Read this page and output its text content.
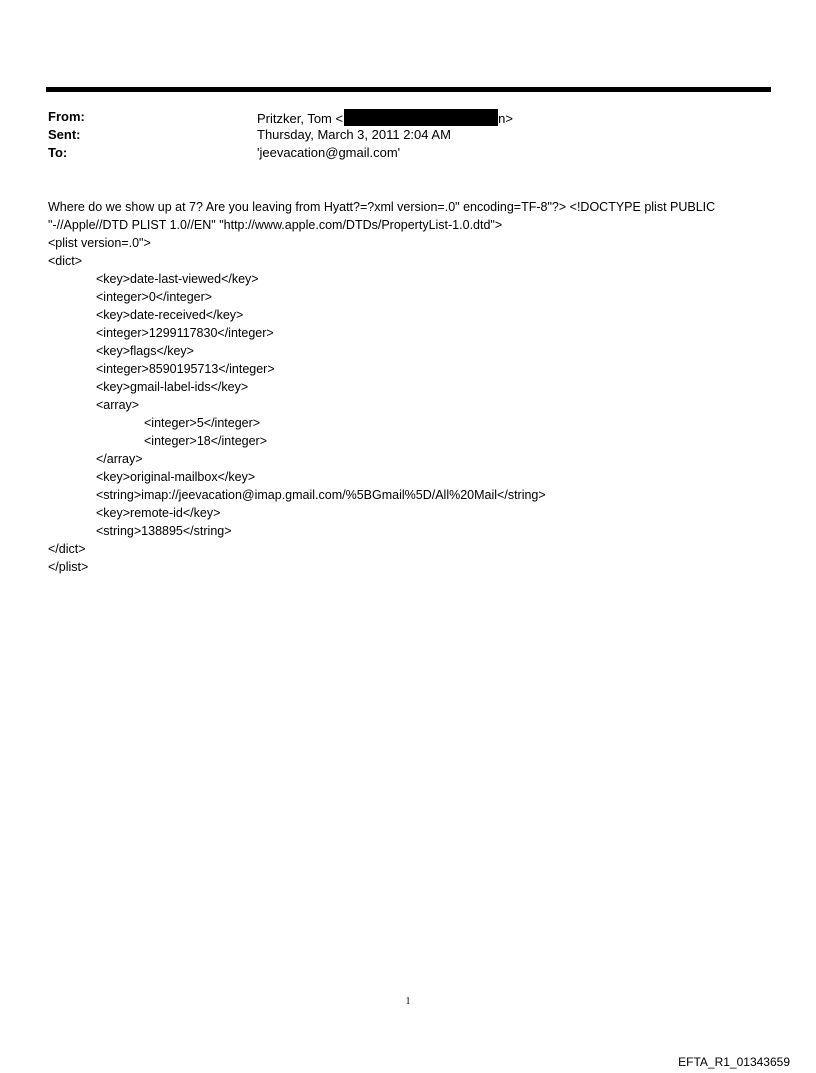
From:	Pritzker, Tom <	n>
Sent:	Thursday, March 3, 2011 2:04 AM
To:	'jeevacation@gmail.com'
Where do we show up at 7? Are you leaving from Hyatt?=?xml version=.0" encoding=TF-8"?> <!DOCTYPE plist PUBLIC "-//Apple//DTD PLIST 1.0//EN" "http://www.apple.com/DTDs/PropertyList-1.0.dtd">
<plist version=.0">
<dict>
<key>date-last-viewed</key>
<integer>0</integer>
<key>date-received</key>
<integer>1299117830</integer>
<key>flags</key>
<integer>8590195713</integer>
<key>gmail-label-ids</key>
<array>
<integer>5</integer>
<integer>18</integer>
</array>
<key>original-mailbox</key>
<string>imap://jeevacation@imap.gmail.com/%5BGmail%5D/All%20Mail</string>
<key>remote-id</key>
<string>138895</string>
</dict>
</plist>
1
EFTA_R1_01343659
